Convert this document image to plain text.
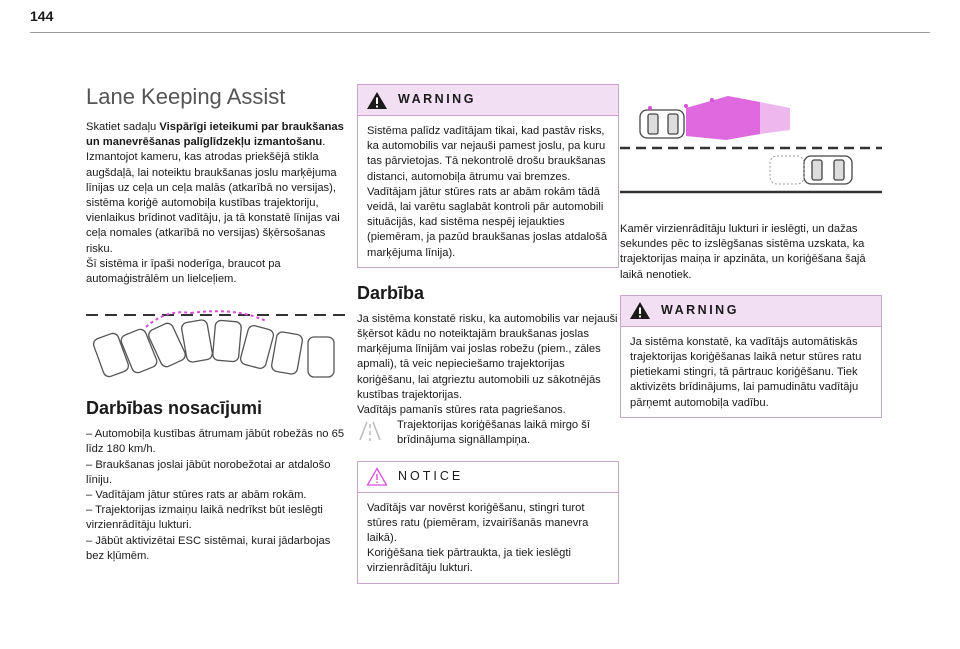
144
Lane Keeping Assist

Skatiet sadaļu Vispārīgi ieteikumi par braukšanas un manevrēšanas palīglīdzekļu izmantošanu.

Izmantojot kameru, kas atrodas priekšējā stikla augšdaļā, lai noteiktu braukšanas joslu marķējuma līnijas uz ceļa un ceļa malās (atkarībā no versijas), sistēma koriģē automobiļa kustības trajektoriju, vienlaikus brīdinot vadītāju, ja tā konstatē līnijas vai ceļa nomales (atkarībā no versijas) šķērsošanas risku.

Šī sistēma ir īpaši noderīga, braucot pa automaģistrālēm un lielceļiem.

Darbības nosacījumi

– Automobiļa kustības ātrumam jābūt robežās no 65 līdz 180 km/h.

– Braukšanas joslai jābūt norobežotai ar atdalošo līniju.

– Vadītājam jātur stūres rats ar abām rokām.

– Trajektorijas izmaiņu laikā nedrīkst būt ieslēgti virzienrādītāju lukturi.

– Jābūt aktivizētai ESC sistēmai, kurai jādarbojas bez kļūmēm.

WARNING

Sistēma palīdz vadītājam tikai, kad pastāv risks, ka automobilis var nejauši pamest joslu, pa kuru tas pārvietojas. Tā nekontrolē drošu braukšanas distanci, automobiļa ātrumu vai bremzes.

Vadītājam jātur stūres rats ar abām rokām tādā veidā, lai varētu saglabāt kontroli pār automobili situācijās, kad sistēma nespēj iejaukties (piemēram, ja pazūd braukšanas joslas atdalošā marķējuma līnija).

Darbība

Ja sistēma konstatē risku, ka automobilis var nejauši šķērsot kādu no noteiktajām braukšanas joslas marķējuma līnijām vai joslas robežu (piem., zāles apmali), tā veic nepieciešamo trajektorijas koriģēšanu, lai atgrieztu automobili uz sākotnējās kustības trajektorijas.

Vadītājs pamanīs stūres rata pagriešanos.

Trajektorijas koriģēšanas laikā mirgo šī brīdinājuma signāllampiņa.

NOTICE

Vadītājs var novērst koriģēšanu, stingri turot stūres ratu (piemēram, izvairīšanās manevra laikā).

Koriģēšana tiek pārtraukta, ja tiek ieslēgti virzienrādītāju lukturi.

Kamēr virzienrādītāju lukturi ir ieslēgti, un dažas sekundes pēc to izslēgšanas sistēma uzskata, ka trajektorijas maiņa ir apzināta, un koriģēšana šajā laikā nenotiek.

WARNING

Ja sistēma konstatē, ka vadītājs automātiskās trajektorijas koriģēšanas laikā netur stūres ratu pietiekami stingri, tā pārtrauc koriģēšanu. Tiek aktivizēts brīdinājums, lai pamudinātu vadītāju pārņemt automobiļa vadību.
